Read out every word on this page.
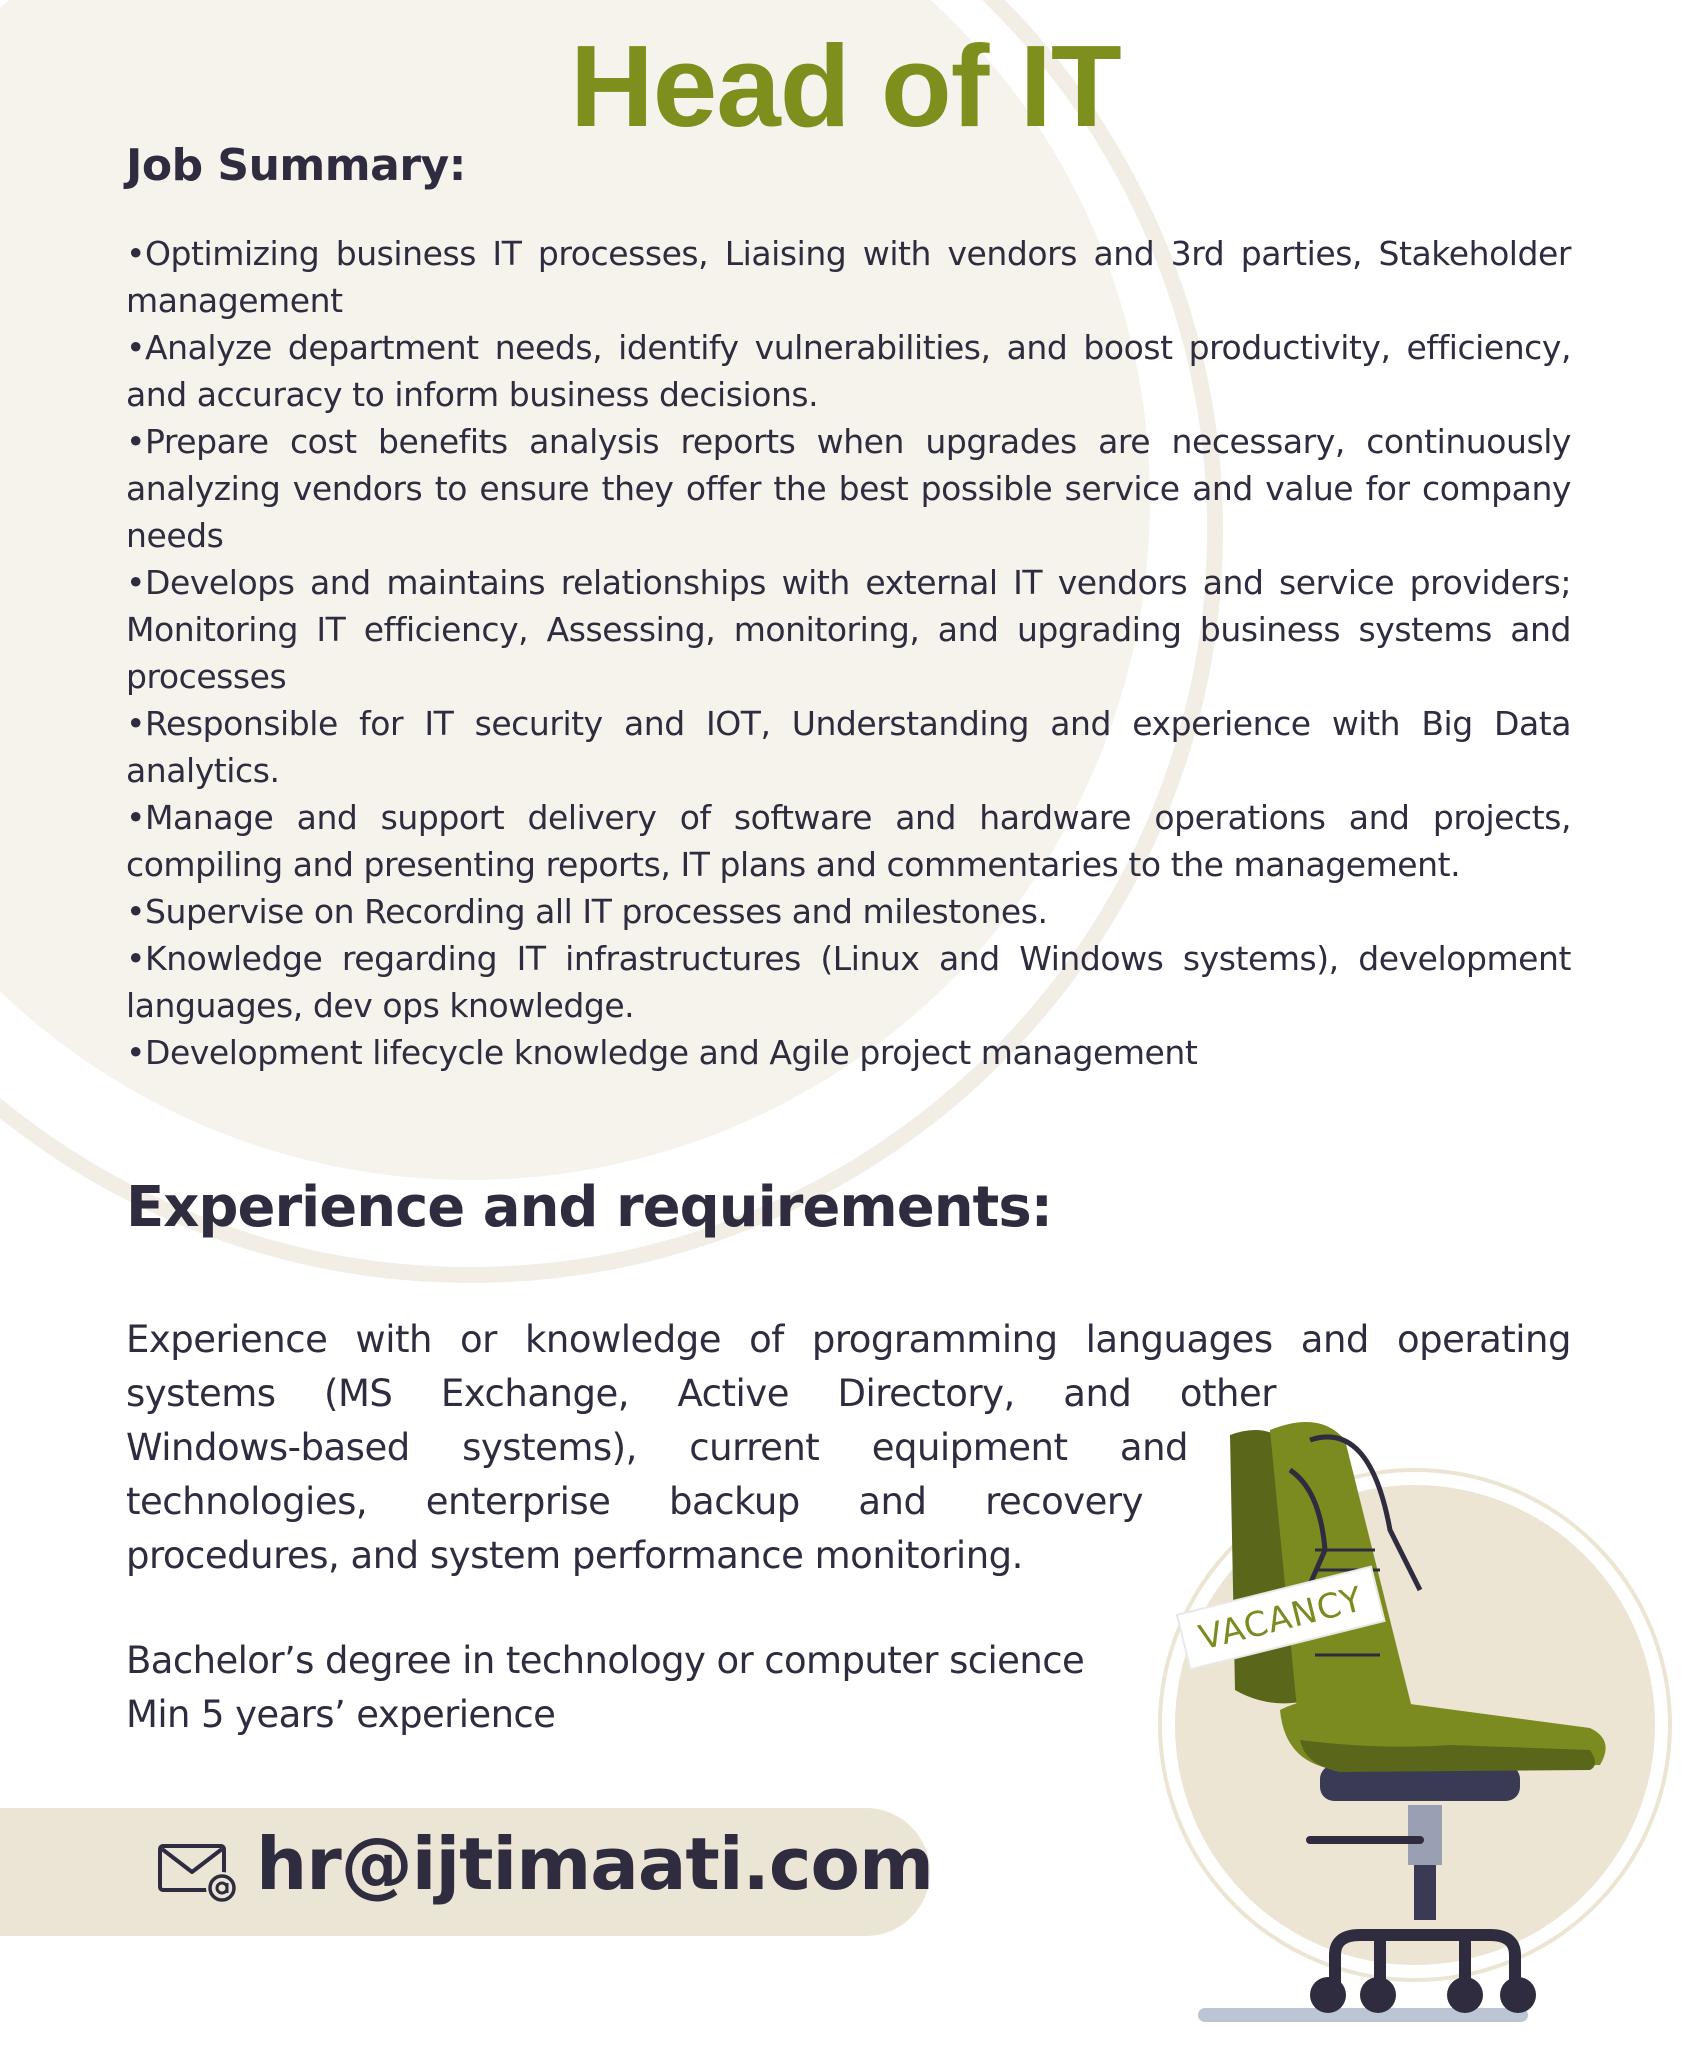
Head of IT
Job Summary:
•Optimizing business IT processes, Liaising with vendors and 3rd parties, Stakeholder management
•Analyze department needs, identify vulnerabilities, and boost productivity, efficiency, and accuracy to inform business decisions.
•Prepare cost benefits analysis reports when upgrades are necessary, continuously analyzing vendors to ensure they offer the best possible service and value for company needs
•Develops and maintains relationships with external IT vendors and service providers; Monitoring IT efficiency, Assessing, monitoring, and upgrading business systems and processes
•Responsible for IT security and IOT, Understanding and experience with Big Data analytics.
•Manage and support delivery of software and hardware operations and projects, compiling and presenting reports, IT plans and commentaries to the management.
•Supervise on Recording all IT processes and milestones.
•Knowledge regarding IT infrastructures (Linux and Windows systems), development languages, dev ops knowledge.
•Development lifecycle knowledge and Agile project management
Experience and requirements:
Experience with or knowledge of programming languages and operating
systems (MS Exchange, Active Directory, and other
Windows-based systems), current equipment and
technologies, enterprise backup and recovery
procedures, and system performance monitoring.
Bachelor’s degree in technology or computer science
Min 5 years’ experience
hr@ijtimaati.com
VACANCY
